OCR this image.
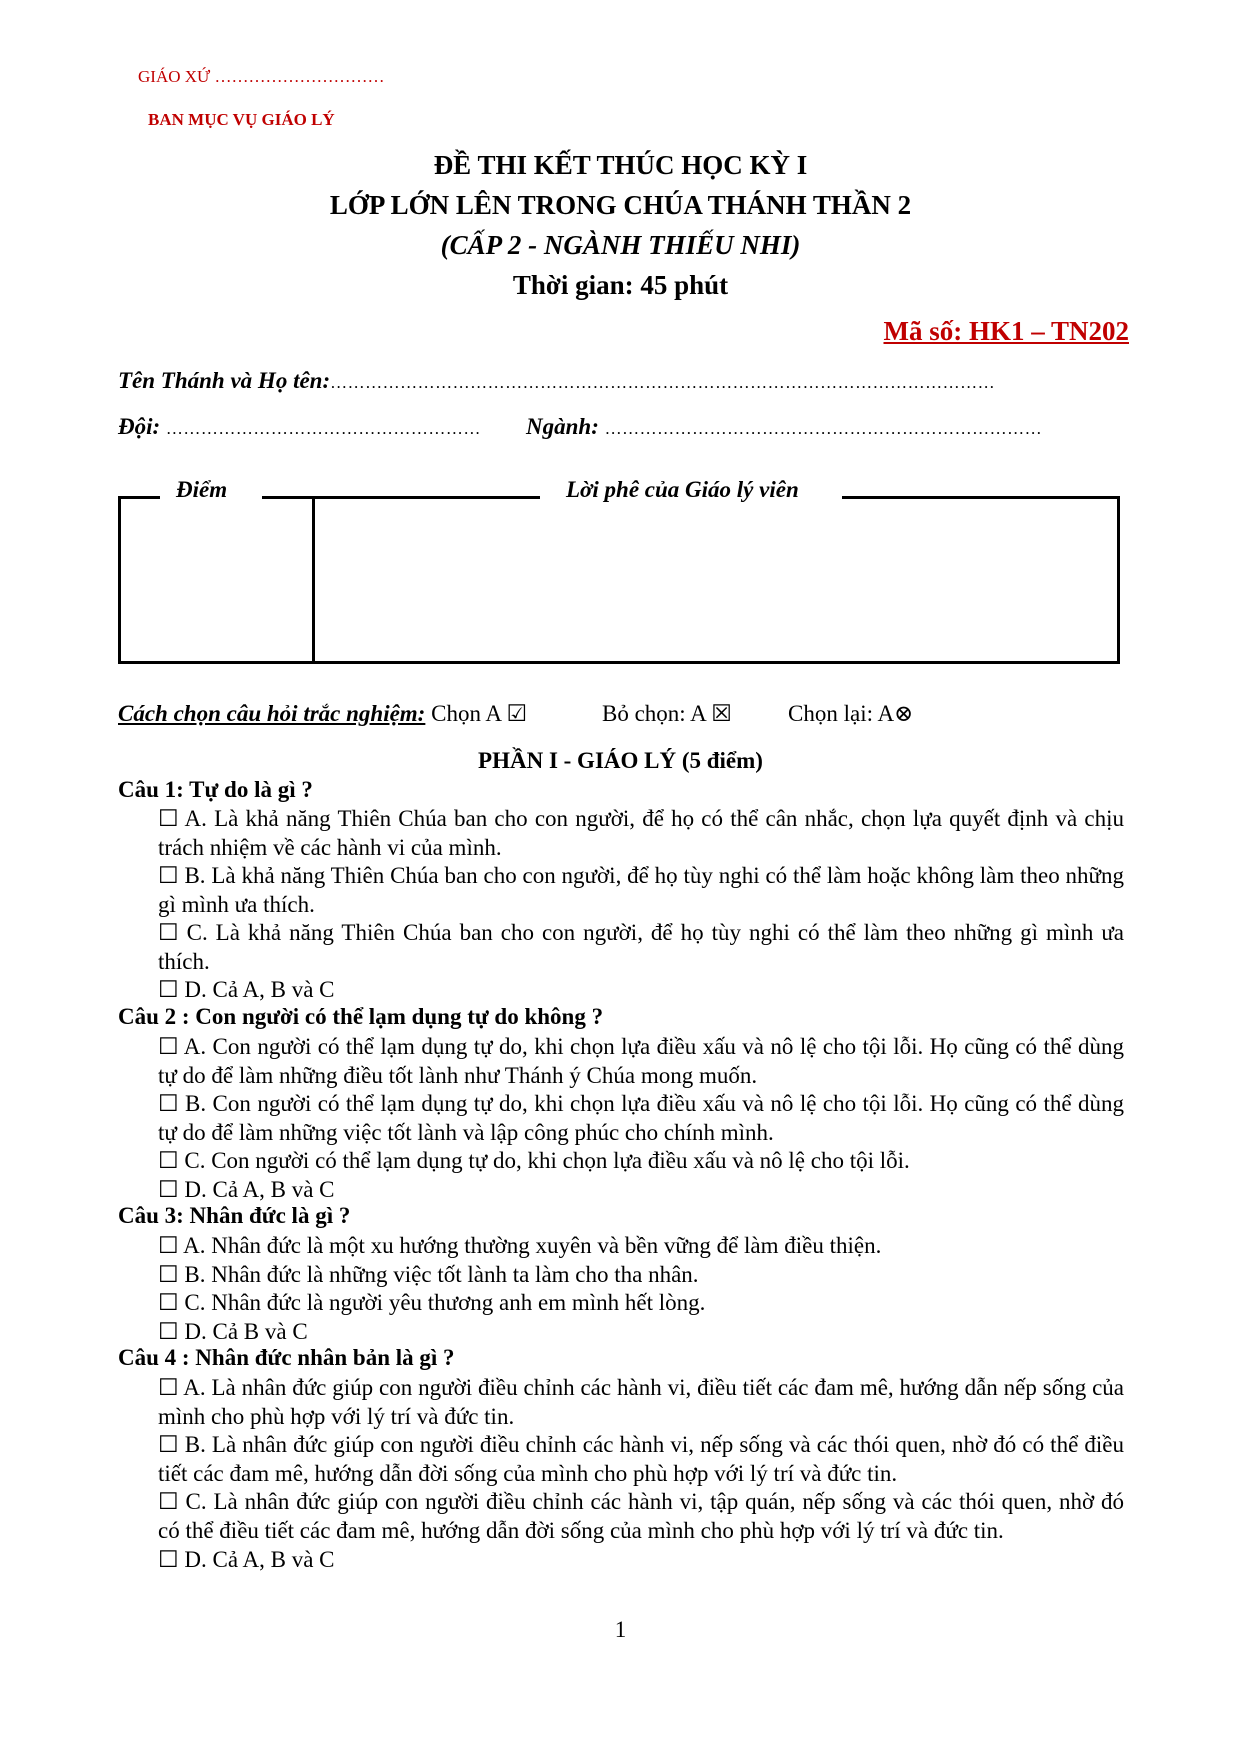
GIÁO XỨ …………………………
BAN MỤC VỤ GIÁO LÝ
ĐỀ THI KẾT THÚC HỌC KỲ I
LỚP LỚN LÊN TRONG CHÚA THÁNH THẦN 2
(CẤP 2 - NGÀNH THIẾU NHI)
Thời gian: 45 phút
Mã số: HK1 – TN202
Tên Thánh và Họ tên:……………………………………………………………………………………………………
Đội: ……………………………………………… Ngành: …………………………………………………………………
Điểm	Lời phê của Giáo lý viên
Cách chọn câu hỏi trắc nghiệm: Chọn A ☑	Bỏ chọn: A ☒ Chọn lại: A⊗
PHẦN I - GIÁO LÝ (5 điểm)
Câu 1: Tự do là gì ?
☐ A. Là khả năng Thiên Chúa ban cho con người, để họ có thể cân nhắc, chọn lựa quyết định và chịu trách nhiệm về các hành vi của mình.
☐ B. Là khả năng Thiên Chúa ban cho con người, để họ tùy nghi có thể làm hoặc không làm theo những gì mình ưa thích.
☐ C. Là khả năng Thiên Chúa ban cho con người, để họ tùy nghi có thể làm theo những gì mình ưa thích.
☐ D. Cả A, B và C
Câu 2 : Con người có thể lạm dụng tự do không ?
☐ A. Con người có thể lạm dụng tự do, khi chọn lựa điều xấu và nô lệ cho tội lỗi. Họ cũng có thể dùng tự do để làm những điều tốt lành như Thánh ý Chúa mong muốn.
☐ B. Con người có thể lạm dụng tự do, khi chọn lựa điều xấu và nô lệ cho tội lỗi. Họ cũng có thể dùng tự do để làm những việc tốt lành và lập công phúc cho chính mình.
☐ C. Con người có thể lạm dụng tự do, khi chọn lựa điều xấu và nô lệ cho tội lỗi.
☐ D. Cả A, B và C
Câu 3: Nhân đức là gì ?
☐ A. Nhân đức là một xu hướng thường xuyên và bền vững để làm điều thiện.
☐ B. Nhân đức là những việc tốt lành ta làm cho tha nhân.
☐ C. Nhân đức là người yêu thương anh em mình hết lòng.
☐ D. Cả B và C
Câu 4 : Nhân đức nhân bản là gì ?
☐ A. Là nhân đức giúp con người điều chỉnh các hành vi, điều tiết các đam mê, hướng dẫn nếp sống của mình cho phù hợp với lý trí và đức tin.
☐ B. Là nhân đức giúp con người điều chỉnh các hành vi, nếp sống và các thói quen, nhờ đó có thể điều tiết các đam mê, hướng dẫn đời sống của mình cho phù hợp với lý trí và đức tin.
☐ C. Là nhân đức giúp con người điều chỉnh các hành vi, tập quán, nếp sống và các thói quen, nhờ đó có thể điều tiết các đam mê, hướng dẫn đời sống của mình cho phù hợp với lý trí và đức tin.
☐ D. Cả A, B và C
1
